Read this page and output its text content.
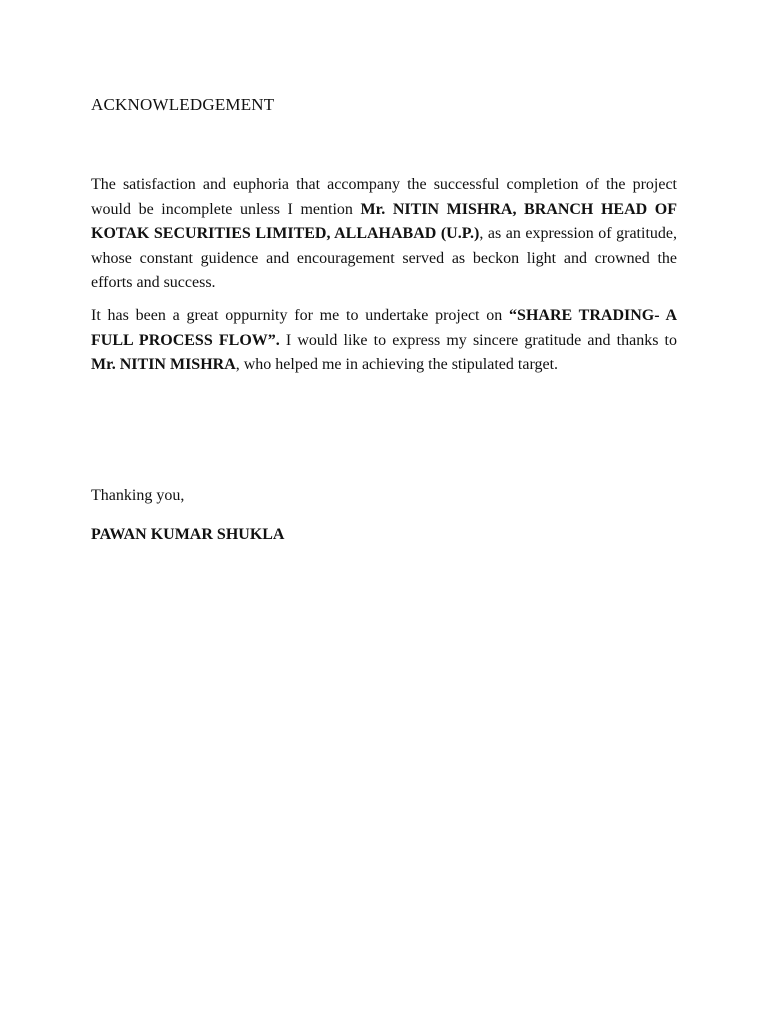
ACKNOWLEDGEMENT

The satisfaction and euphoria that accompany the successful completion of the project would be incomplete unless I mention Mr. NITIN MISHRA, BRANCH HEAD OF KOTAK SECURITIES LIMITED, ALLAHABAD (U.P.), as an expression of gratitude, whose constant guidence and encouragement served as beckon light and crowned the efforts and success.

It has been a great oppurnity for me to undertake project on “SHARE TRADING- A FULL PROCESS FLOW”. I would like to express my sincere gratitude and thanks to Mr. NITIN MISHRA, who helped me in achieving the stipulated target.

Thanking you,

PAWAN KUMAR SHUKLA
